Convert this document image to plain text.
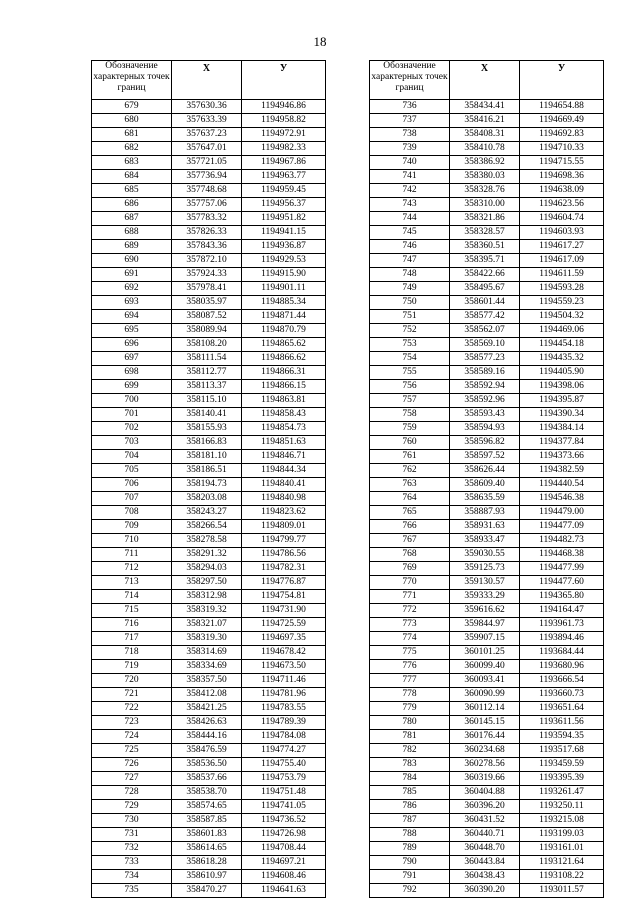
18
Обозначение характерных точек границ	Х	У
679	357630.36	1194946.86
680	357633.39	1194958.82
681	357637.23	1194972.91
682	357647.01	1194982.33
683	357721.05	1194967.86
684	357736.94	1194963.77
685	357748.68	1194959.45
686	357757.06	1194956.37
687	357783.32	1194951.82
688	357826.33	1194941.15
689	357843.36	1194936.87
690	357872.10	1194929.53
691	357924.33	1194915.90
692	357978.41	1194901.11
693	358035.97	1194885.34
694	358087.52	1194871.44
695	358089.94	1194870.79
696	358108.20	1194865.62
697	358111.54	1194866.62
698	358112.77	1194866.31
699	358113.37	1194866.15
700	358115.10	1194863.81
701	358140.41	1194858.43
702	358155.93	1194854.73
703	358166.83	1194851.63
704	358181.10	1194846.71
705	358186.51	1194844.34
706	358194.73	1194840.41
707	358203.08	1194840.98
708	358243.27	1194823.62
709	358266.54	1194809.01
710	358278.58	1194799.77
711	358291.32	1194786.56
712	358294.03	1194782.31
713	358297.50	1194776.87
714	358312.98	1194754.81
715	358319.32	1194731.90
716	358321.07	1194725.59
717	358319.30	1194697.35
718	358314.69	1194678.42
719	358334.69	1194673.50
720	358357.50	1194711.46
721	358412.08	1194781.96
722	358421.25	1194783.55
723	358426.63	1194789.39
724	358444.16	1194784.08
725	358476.59	1194774.27
726	358536.50	1194755.40
727	358537.66	1194753.79
728	358538.70	1194751.48
729	358574.65	1194741.05
730	358587.85	1194736.52
731	358601.83	1194726.98
732	358614.65	1194708.44
733	358618.28	1194697.21
734	358610.97	1194608.46
735	358470.27	1194641.63
Обозначение характерных точек границ	Х	У
736	358434.41	1194654.88
737	358416.21	1194669.49
738	358408.31	1194692.83
739	358410.78	1194710.33
740	358386.92	1194715.55
741	358380.03	1194698.36
742	358328.76	1194638.09
743	358310.00	1194623.56
744	358321.86	1194604.74
745	358328.57	1194603.93
746	358360.51	1194617.27
747	358395.71	1194617.09
748	358422.66	1194611.59
749	358495.67	1194593.28
750	358601.44	1194559.23
751	358577.42	1194504.32
752	358562.07	1194469.06
753	358569.10	1194454.18
754	358577.23	1194435.32
755	358589.16	1194405.90
756	358592.94	1194398.06
757	358592.96	1194395.87
758	358593.43	1194390.34
759	358594.93	1194384.14
760	358596.82	1194377.84
761	358597.52	1194373.66
762	358626.44	1194382.59
763	358609.40	1194440.54
764	358635.59	1194546.38
765	358887.93	1194479.00
766	358931.63	1194477.09
767	358933.47	1194482.73
768	359030.55	1194468.38
769	359125.73	1194477.99
770	359130.57	1194477.60
771	359333.29	1194365.80
772	359616.62	1194164.47
773	359844.97	1193961.73
774	359907.15	1193894.46
775	360101.25	1193684.44
776	360099.40	1193680.96
777	360093.41	1193666.54
778	360090.99	1193660.73
779	360112.14	1193651.64
780	360145.15	1193611.56
781	360176.44	1193594.35
782	360234.68	1193517.68
783	360278.56	1193459.59
784	360319.66	1193395.39
785	360404.88	1193261.47
786	360396.20	1193250.11
787	360431.52	1193215.08
788	360440.71	1193199.03
789	360448.70	1193161.01
790	360443.84	1193121.64
791	360438.43	1193108.22
792	360390.20	1193011.57
